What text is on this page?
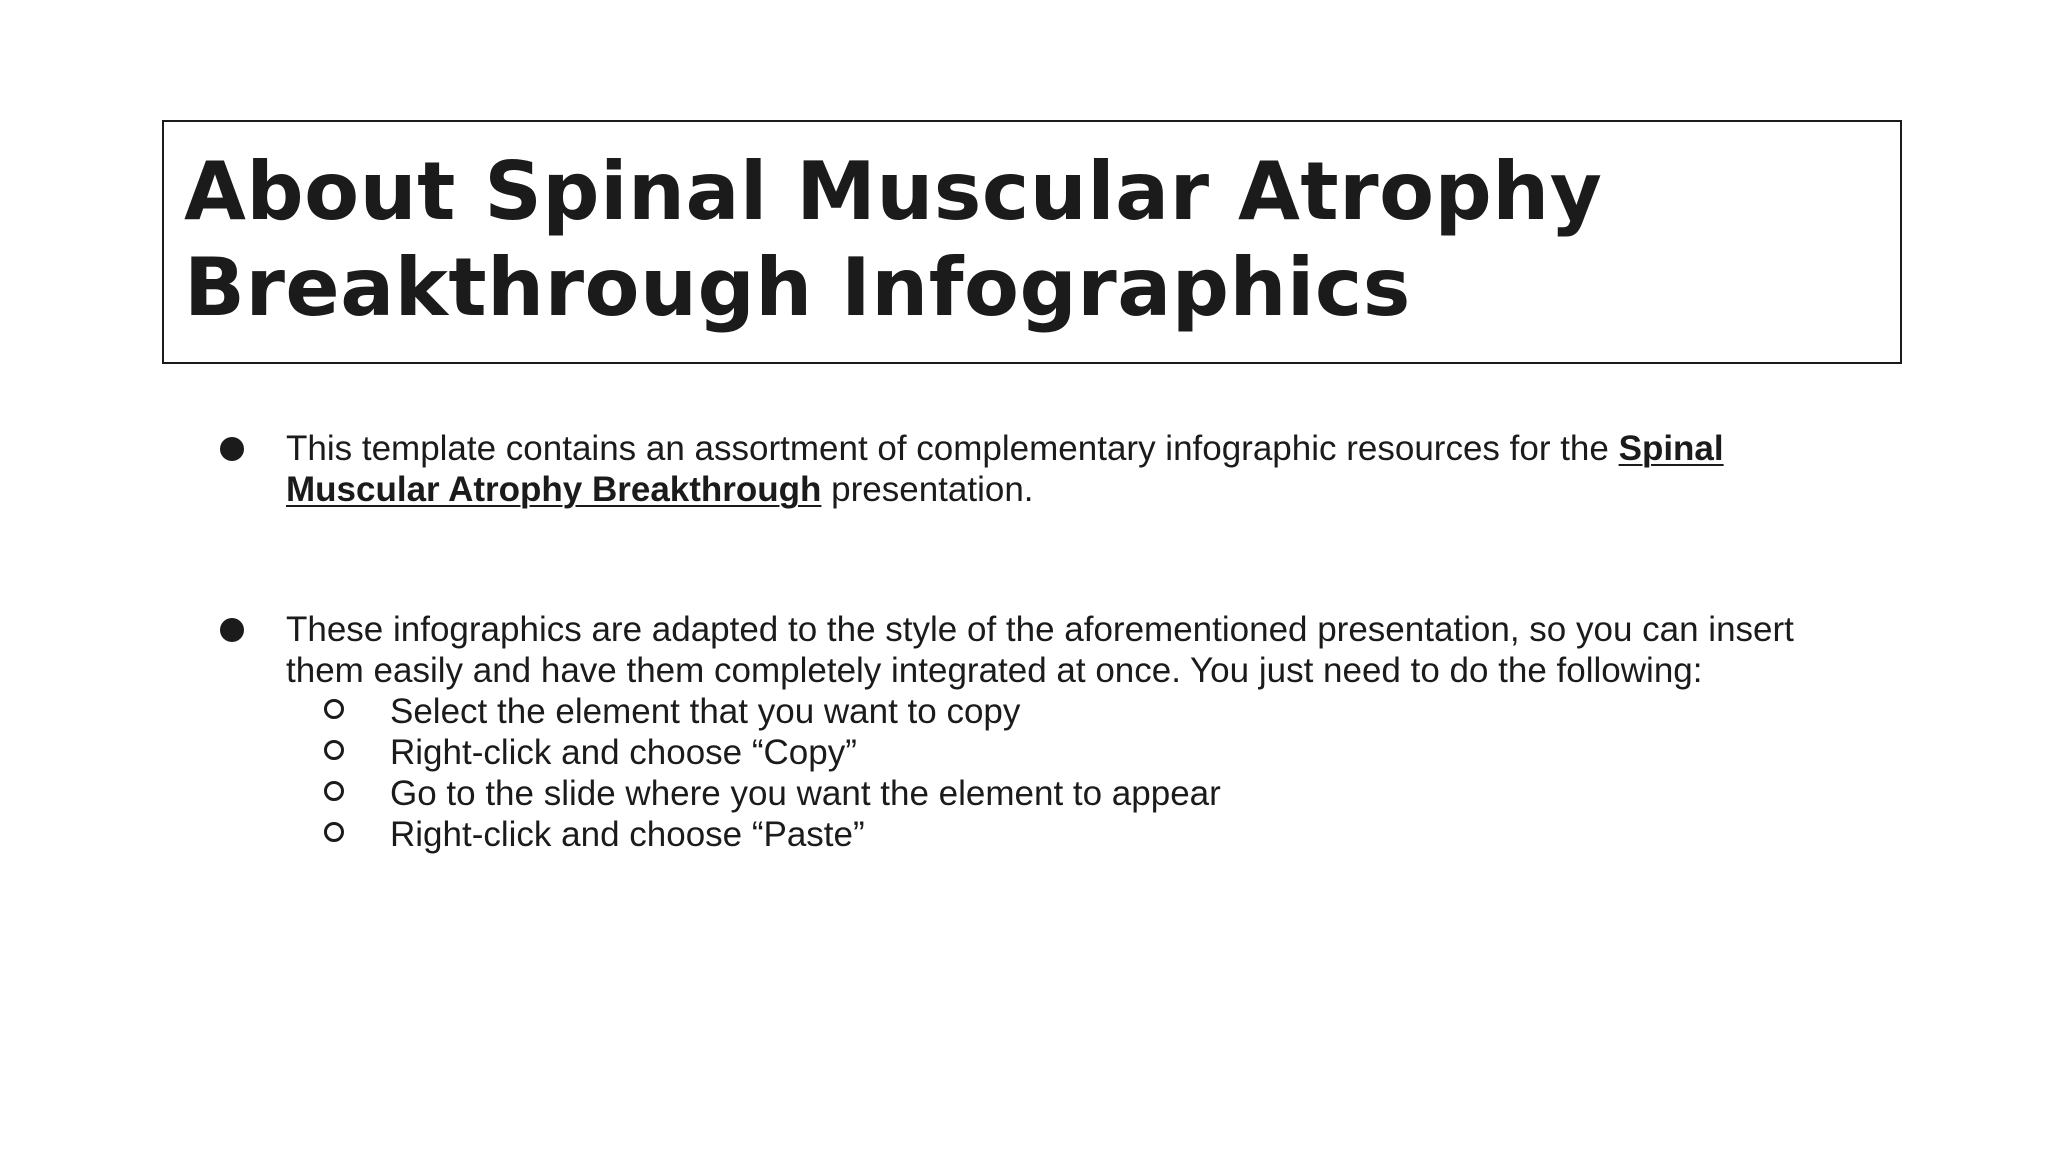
About Spinal Muscular Atrophy
Breakthrough Infographics
This template contains an assortment of complementary infographic resources for the Spinal Muscular Atrophy Breakthrough presentation.
These infographics are adapted to the style of the aforementioned presentation, so you can insert them easily and have them completely integrated at once. You just need to do the following:
Select the element that you want to copy
Right-click and choose “Copy”
Go to the slide where you want the element to appear
Right-click and choose “Paste”
